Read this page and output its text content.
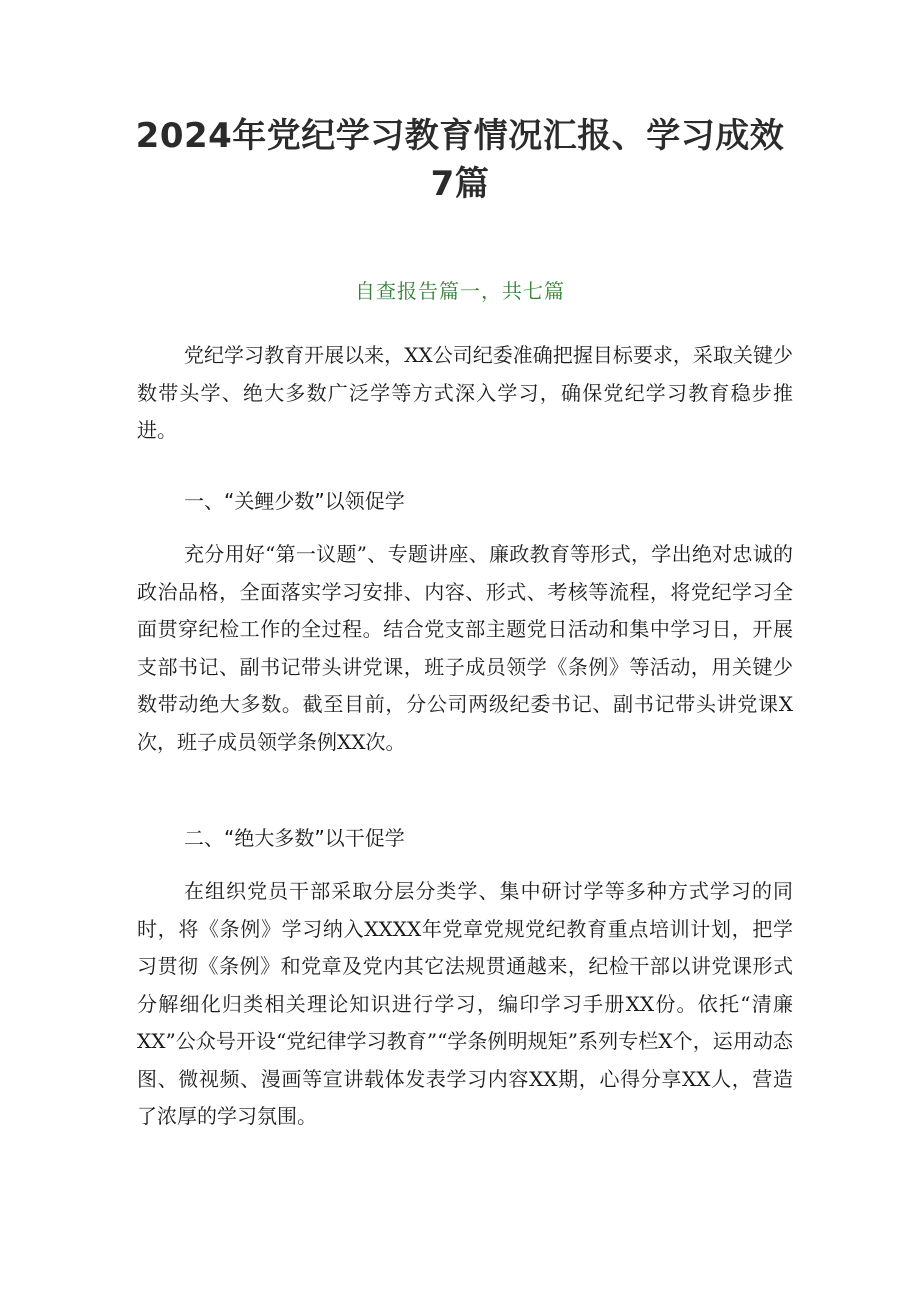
2024年党纪学习教育情况汇报、学习成效7篇
自查报告篇一，共七篇

党纪学习教育开展以来，XX公司纪委准确把握目标要求，采取关键少数带头学、绝大多数广泛学等方式深入学习，确保党纪学习教育稳步推进。

一、“关鲤少数”以领促学

充分用好“第一议题”、专题讲座、廉政教育等形式，学出绝对忠诚的政治品格，全面落实学习安排、内容、形式、考核等流程，将党纪学习全面贯穿纪检工作的全过程。结合党支部主题党日活动和集中学习日，开展支部书记、副书记带头讲党课，班子成员领学《条例》等活动，用关键少数带动绝大多数。截至目前，分公司两级纪委书记、副书记带头讲党课X次，班子成员领学条例XX次。

二、“绝大多数”以干促学

在组织党员干部采取分层分类学、集中研讨学等多种方式学习的同时，将《条例》学习纳入XXXX年党章党规党纪教育重点培训计划，把学习贯彻《条例》和党章及党内其它法规贯通越来，纪检干部以讲党课形式分解细化归类相关理论知识进行学习，编印学习手册XX份。依托“清廉XX”公众号开设“党纪律学习教育”“学条例明规矩”系列专栏X个，运用动态图、微视频、漫画等宣讲载体发表学习内容XX期，心得分享XX人，营造了浓厚的学习氛围。
